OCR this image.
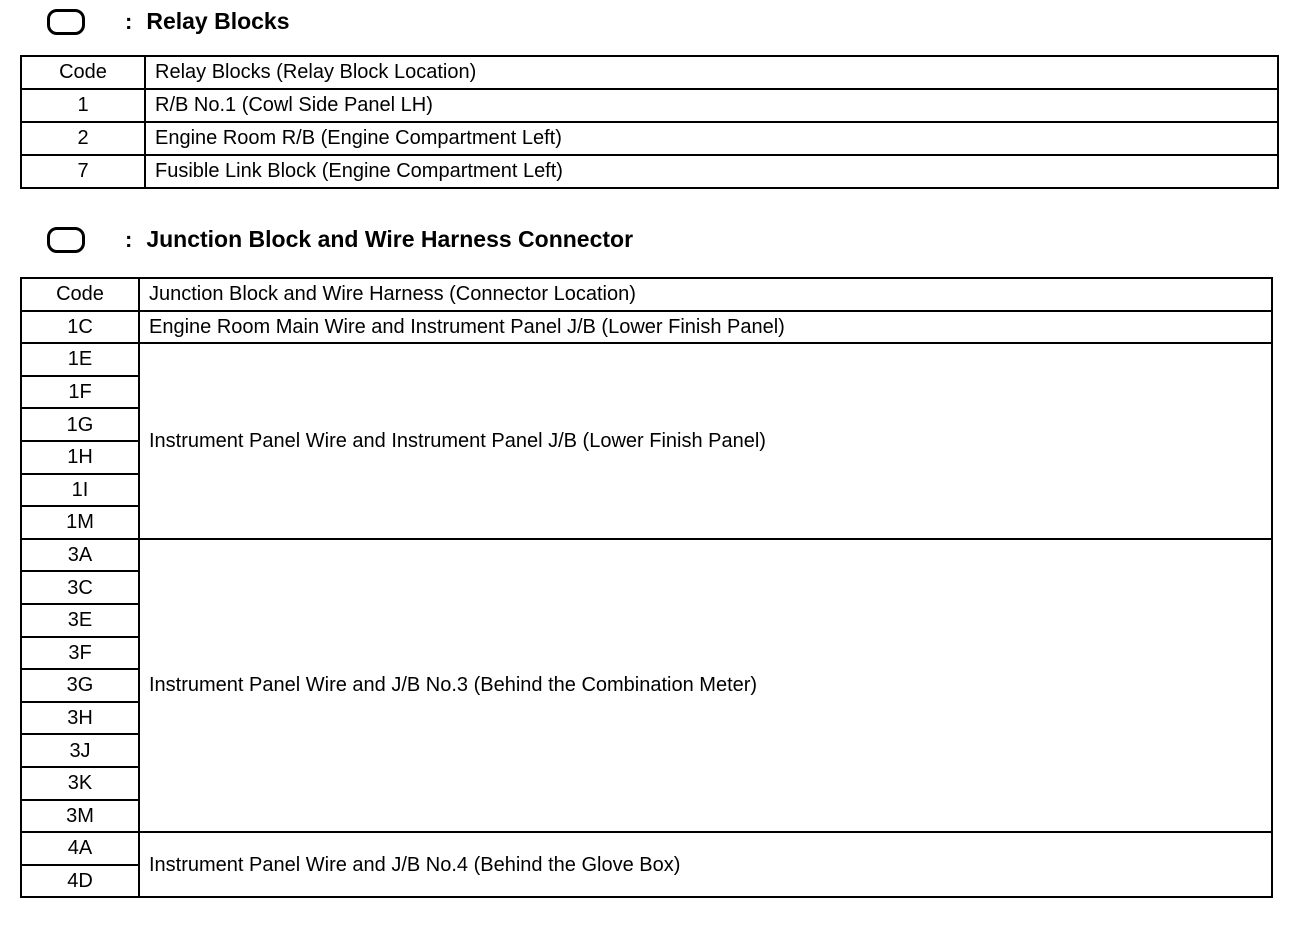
: Relay Blocks
Code	Relay Blocks (Relay Block Location)
1	R/B No.1 (Cowl Side Panel LH)
2	Engine Room R/B (Engine Compartment Left)
7	Fusible Link Block (Engine Compartment Left)
: Junction Block and Wire Harness Connector
Code	Junction Block and Wire Harness (Connector Location)
1C	Engine Room Main Wire and Instrument Panel J/B (Lower Finish Panel)
1E	Instrument Panel Wire and Instrument Panel J/B (Lower Finish Panel)
1F	
1G	
1H	
1I	
1M	
3A	Instrument Panel Wire and J/B No.3 (Behind the Combination Meter)
3C	
3E	
3F	
3G	
3H	
3J	
3K	
3M	
4A	Instrument Panel Wire and J/B No.4 (Behind the Glove Box)
4D	
